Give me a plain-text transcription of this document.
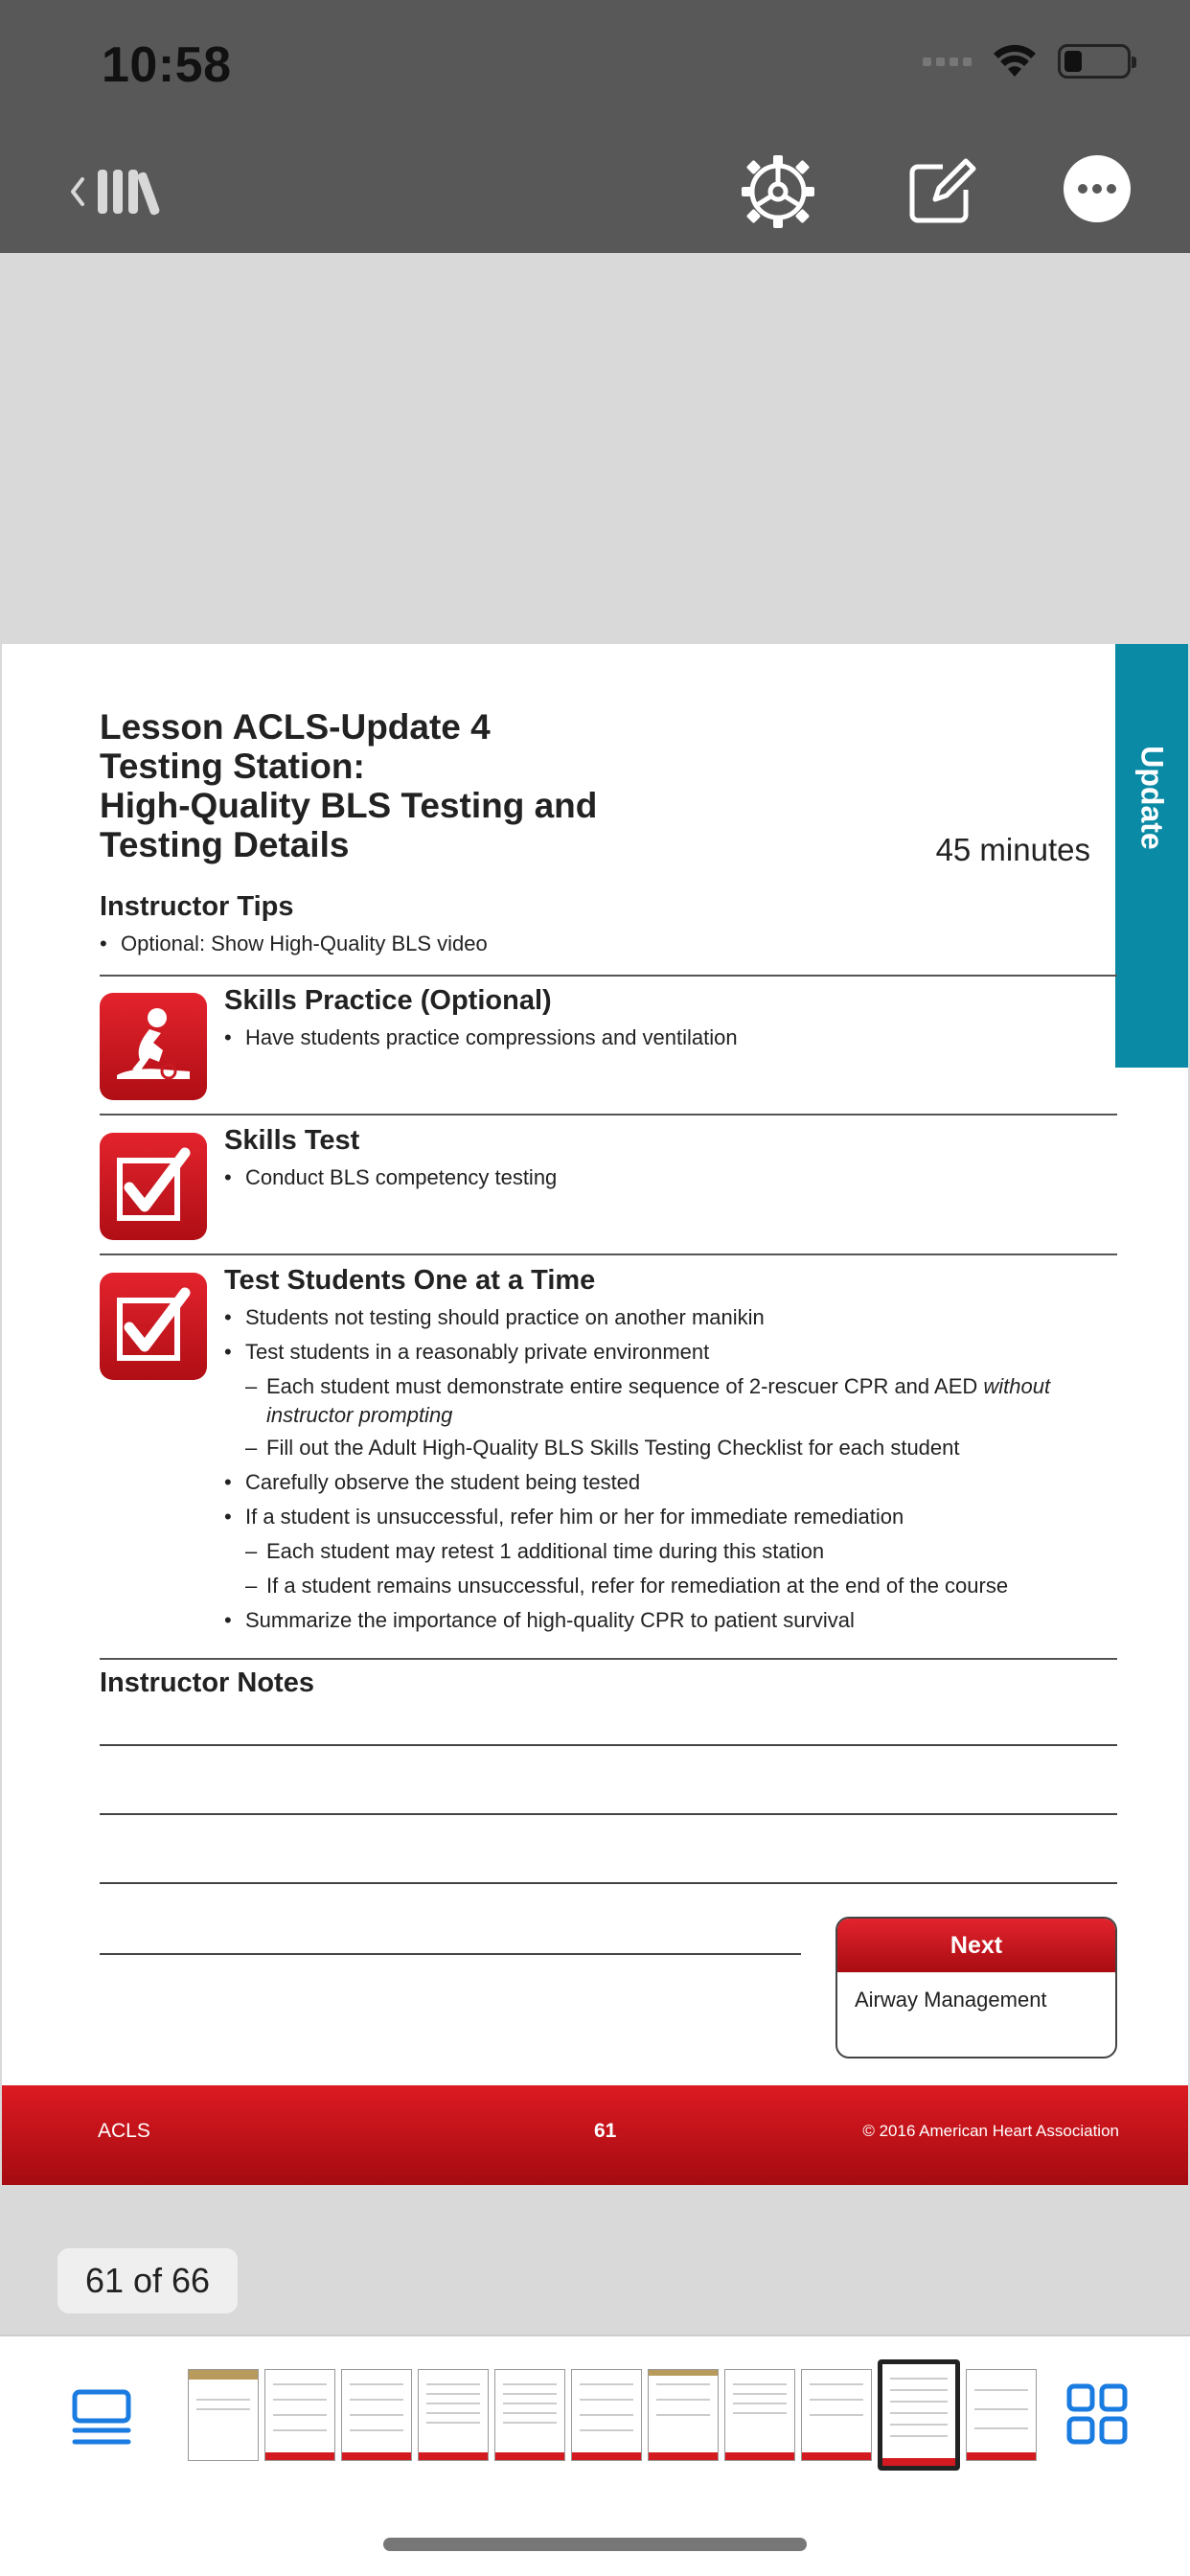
10:58
Update
Lesson ACLS-Update 4
Testing Station:
High-Quality BLS Testing and
Testing Details	45 minutes
Instructor Tips
• Optional: Show High-Quality BLS video
Skills Practice (Optional)
• Have students practice compressions and ventilation
Skills Test
• Conduct BLS competency testing
Test Students One at a Time
• Students not testing should practice on another manikin
• Test students in a reasonably private environment
– Each student must demonstrate entire sequence of 2-rescuer CPR and AED without
instructor prompting
– Fill out the Adult High-Quality BLS Skills Testing Checklist for each student
• Carefully observe the student being tested
• If a student is unsuccessful, refer him or her for immediate remediation
– Each student may retest 1 additional time during this station
– If a student remains unsuccessful, refer for remediation at the end of the course
• Summarize the importance of high-quality CPR to patient survival
Instructor Notes
Next
Airway Management
ACLS	61	© 2016 American Heart Association
61 of 66
